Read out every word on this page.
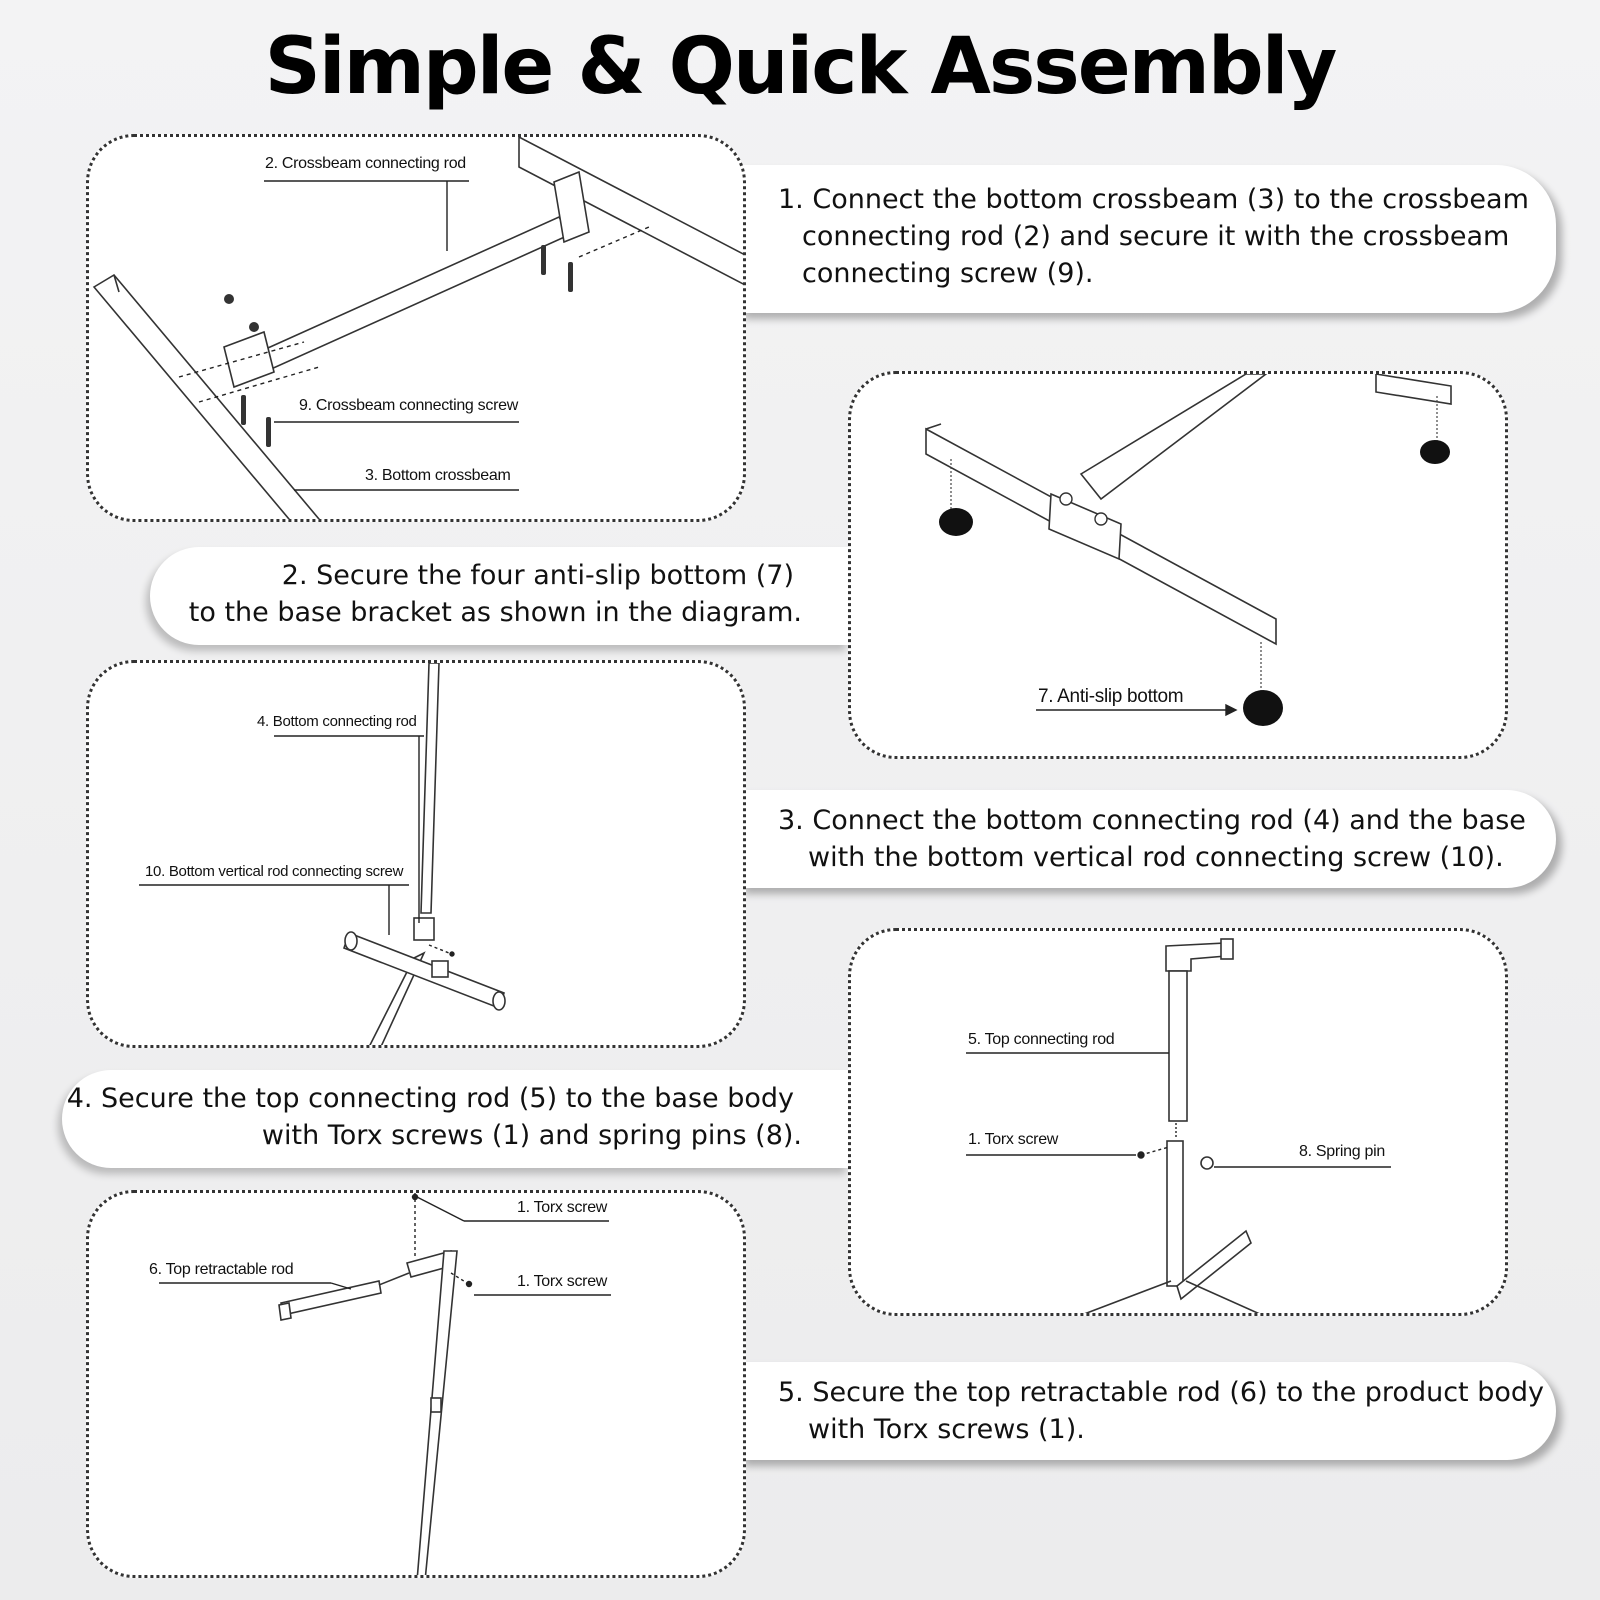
Simple & Quick Assembly

1. Connect the bottom crossbeam (3) to the crossbeam

connecting rod (2) and secure it with the crossbeam

connecting screw (9).

2. Secure the four anti-slip bottom (7)

to the base bracket as shown in the diagram.

3. Connect the bottom connecting rod (4) and the base

with the bottom vertical rod connecting screw (10).

4. Secure the top connecting rod (5) to the base body

with Torx screws (1) and spring pins (8).

5. Secure the top retractable rod (6) to the product body

with Torx screws (1).

2. Crossbeam connecting rod
9. Crossbeam connecting screw
3. Bottom crossbeam
7. Anti-slip bottom
4. Bottom connecting rod
10. Bottom vertical rod connecting screw
5. Top connecting rod
1. Torx screw
8. Spring pin
1. Torx screw
6. Top retractable rod
1. Torx screw
